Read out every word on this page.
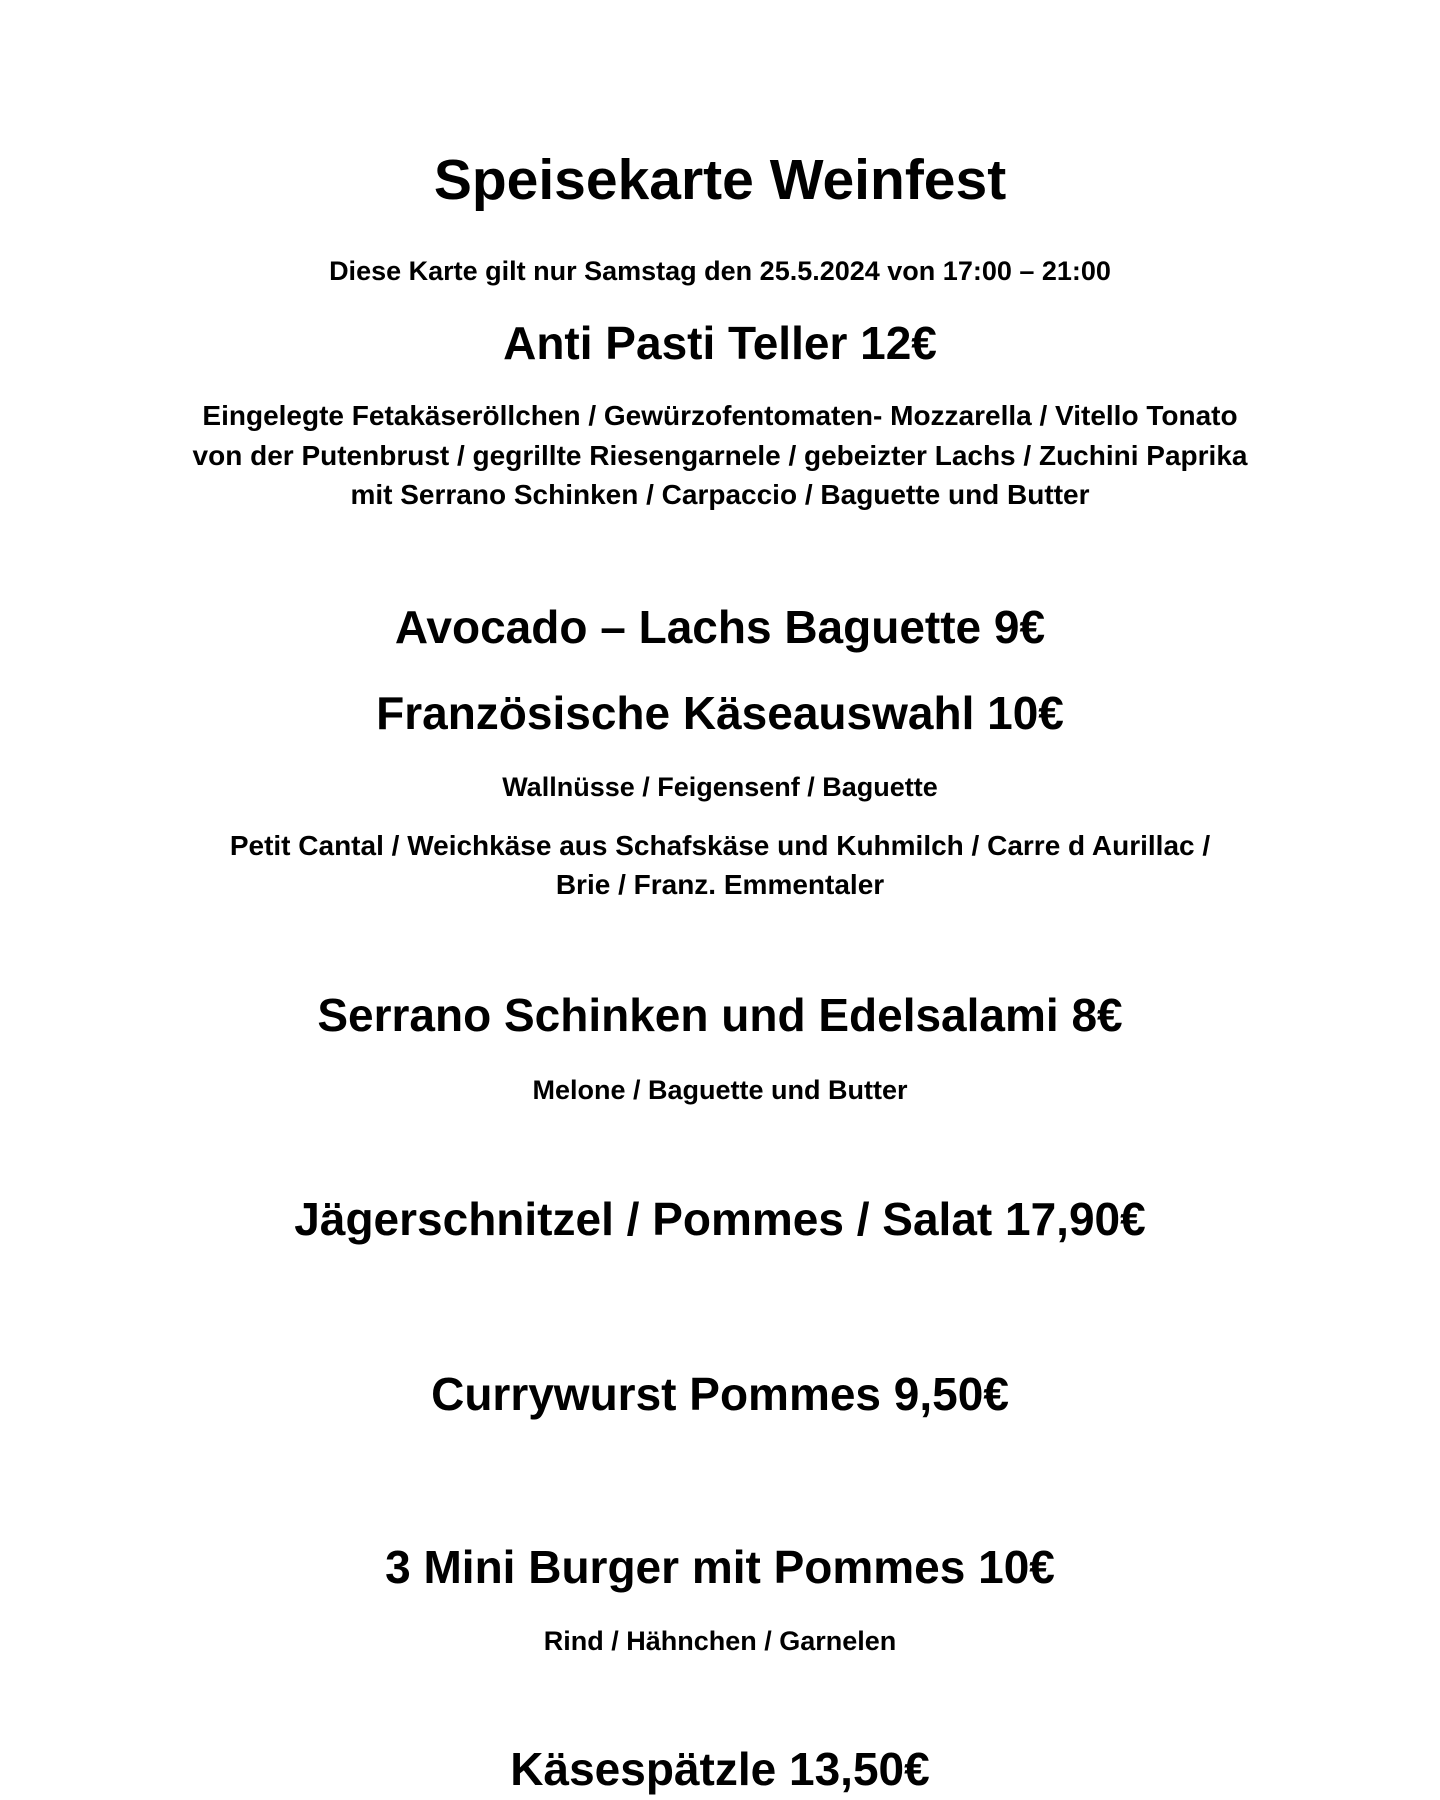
Speisekarte Weinfest

Diese Karte gilt nur Samstag den 25.5.2024 von 17:00 – 21:00

Anti Pasti Teller 12€

Eingelegte Fetakäseröllchen / Gewürzofentomaten- Mozzarella / Vitello Tonato

von der Putenbrust / gegrillte Riesengarnele / gebeizter Lachs / Zuchini Paprika

mit Serrano Schinken / Carpaccio / Baguette und Butter

Avocado – Lachs Baguette 9€
Französische Käseauswahl 10€

Wallnüsse / Feigensenf / Baguette

Petit Cantal / Weichkäse aus Schafskäse und Kuhmilch / Carre d Aurillac /

Brie / Franz. Emmentaler

Serrano Schinken und Edelsalami 8€

Melone / Baguette und Butter

Jägerschnitzel / Pommes / Salat 17,90€
Currywurst Pommes 9,50€
3 Mini Burger mit Pommes 10€

Rind / Hähnchen / Garnelen

Käsespätzle 13,50€
